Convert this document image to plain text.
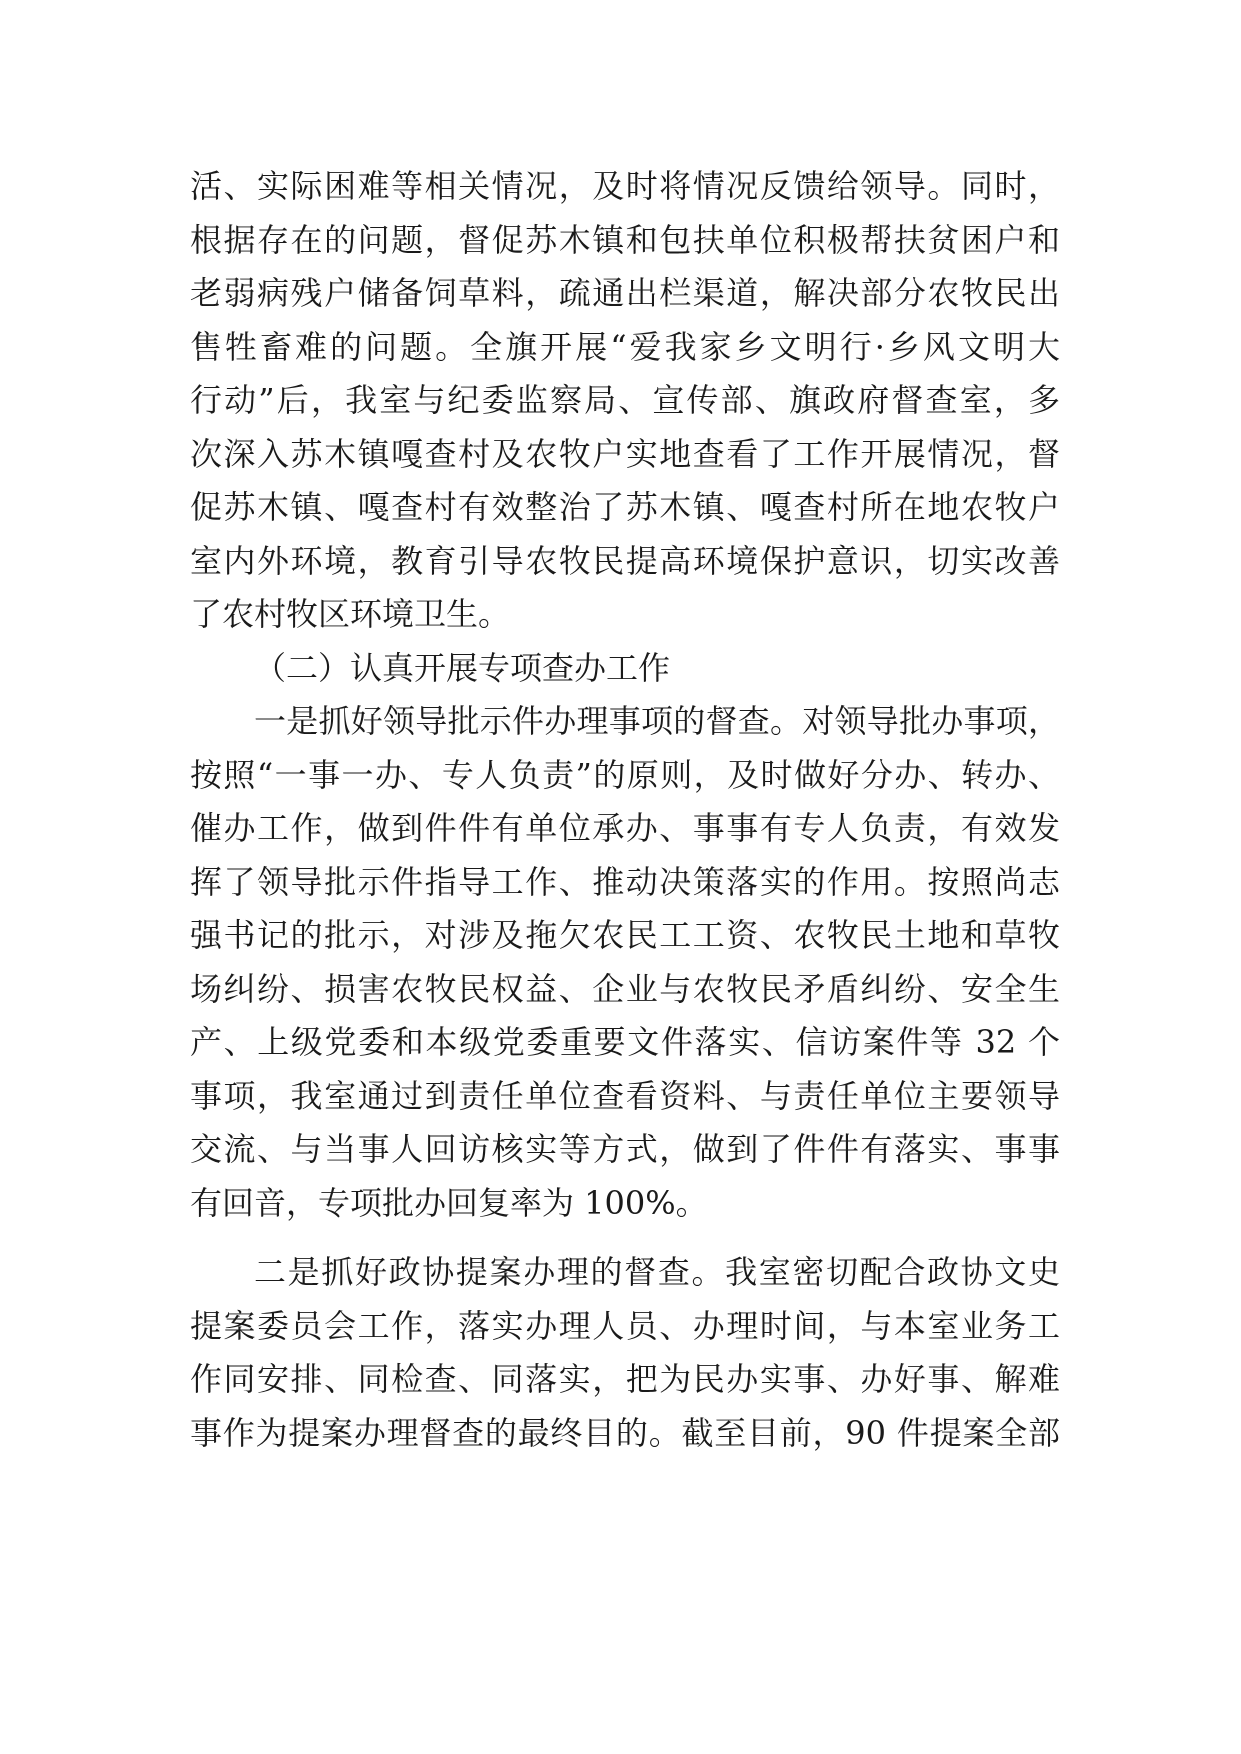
活、实际困难等相关情况，及时将情况反馈给领导。同时，
根据存在的问题，督促苏木镇和包扶单位积极帮扶贫困户和
老弱病残户储备饲草料，疏通出栏渠道，解决部分农牧民出
售牲畜难的问题。全旗开展“爱我家乡文明行·乡风文明大
行动”后，我室与纪委监察局、宣传部、旗政府督查室，多
次深入苏木镇嘎查村及农牧户实地查看了工作开展情况，督
促苏木镇、嘎查村有效整治了苏木镇、嘎查村所在地农牧户
室内外环境，教育引导农牧民提高环境保护意识，切实改善
了农村牧区环境卫生。
（二）认真开展专项查办工作
一是抓好领导批示件办理事项的督查。对领导批办事项，
按照“一事一办、专人负责”的原则，及时做好分办、转办、
催办工作，做到件件有单位承办、事事有专人负责，有效发
挥了领导批示件指导工作、推动决策落实的作用。按照尚志
强书记的批示，对涉及拖欠农民工工资、农牧民土地和草牧
场纠纷、损害农牧民权益、企业与农牧民矛盾纠纷、安全生
产、上级党委和本级党委重要文件落实、信访案件等 32 个
事项，我室通过到责任单位查看资料、与责任单位主要领导
交流、与当事人回访核实等方式，做到了件件有落实、事事
有回音，专项批办回复率为 100%。
二是抓好政协提案办理的督查。我室密切配合政协文史
提案委员会工作，落实办理人员、办理时间，与本室业务工
作同安排、同检查、同落实，把为民办实事、办好事、解难
事作为提案办理督查的最终目的。截至目前，90 件提案全部
